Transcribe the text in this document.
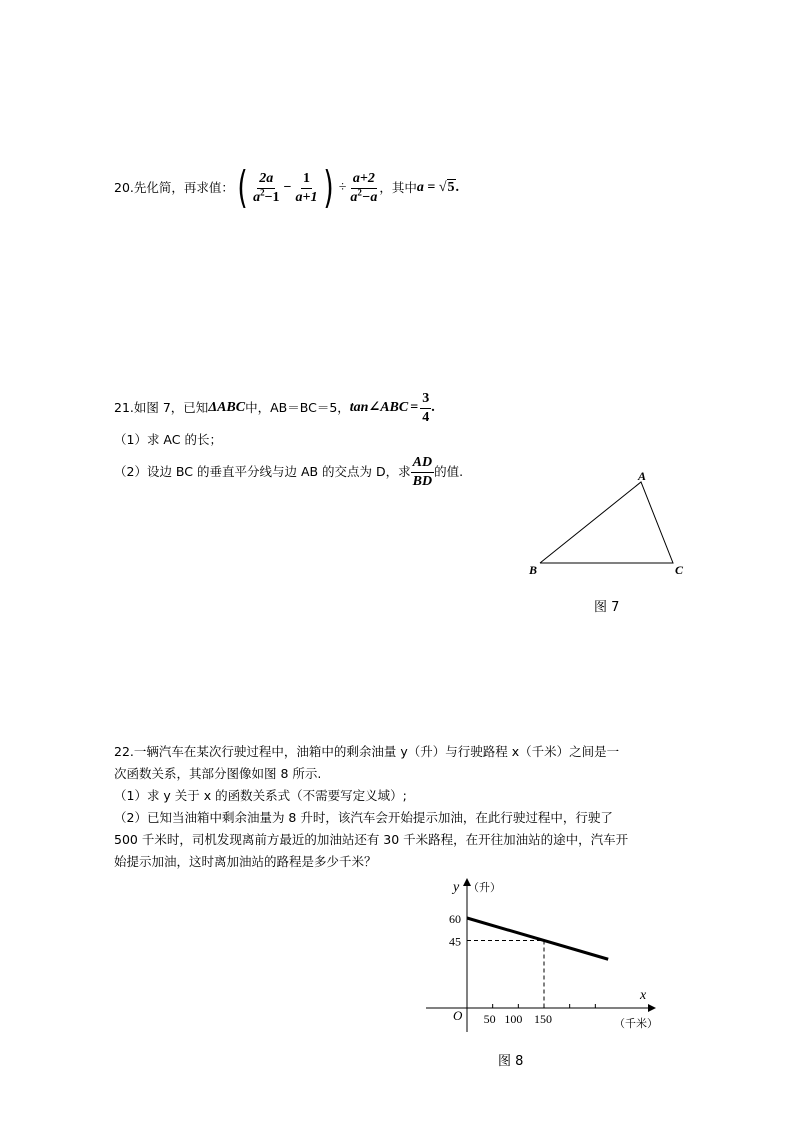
20.先化简，再求值： ( $\frac{2a}{a^2-1} - \frac{1}{a+1}$ ) ÷ $\frac{a+2}{a^2-a}$ ，其中 a = √5.
21.如图 7，已知 ΔABC 中，AB＝BC＝5， tan∠ABC = $\frac{3}{4}$ .
（1）求 AC 的长；
（2）设边 BC 的垂直平分线与边 AB 的交点为 D，求 $\frac{AD}{BD}$ 的值.	A
B	C
图 7
22.一辆汽车在某次行驶过程中，油箱中的剩余油量 y（升）与行驶路程 x（千米）之间是一
次函数关系，其部分图像如图 8 所示.
（1）求 y 关于 x 的函数关系式（不需要写定义域）;
（2）已知当油箱中剩余油量为 8 升时，该汽车会开始提示加油，在此行驶过程中，行驶了
500 千米时，司机发现离前方最近的加油站还有 30 千米路程，在开往加油站的途中，汽车开
始提示加油，这时离加油站的路程是多少千米？
y （升）
x
（千米）
O
60
45
50 100 150
图 8
